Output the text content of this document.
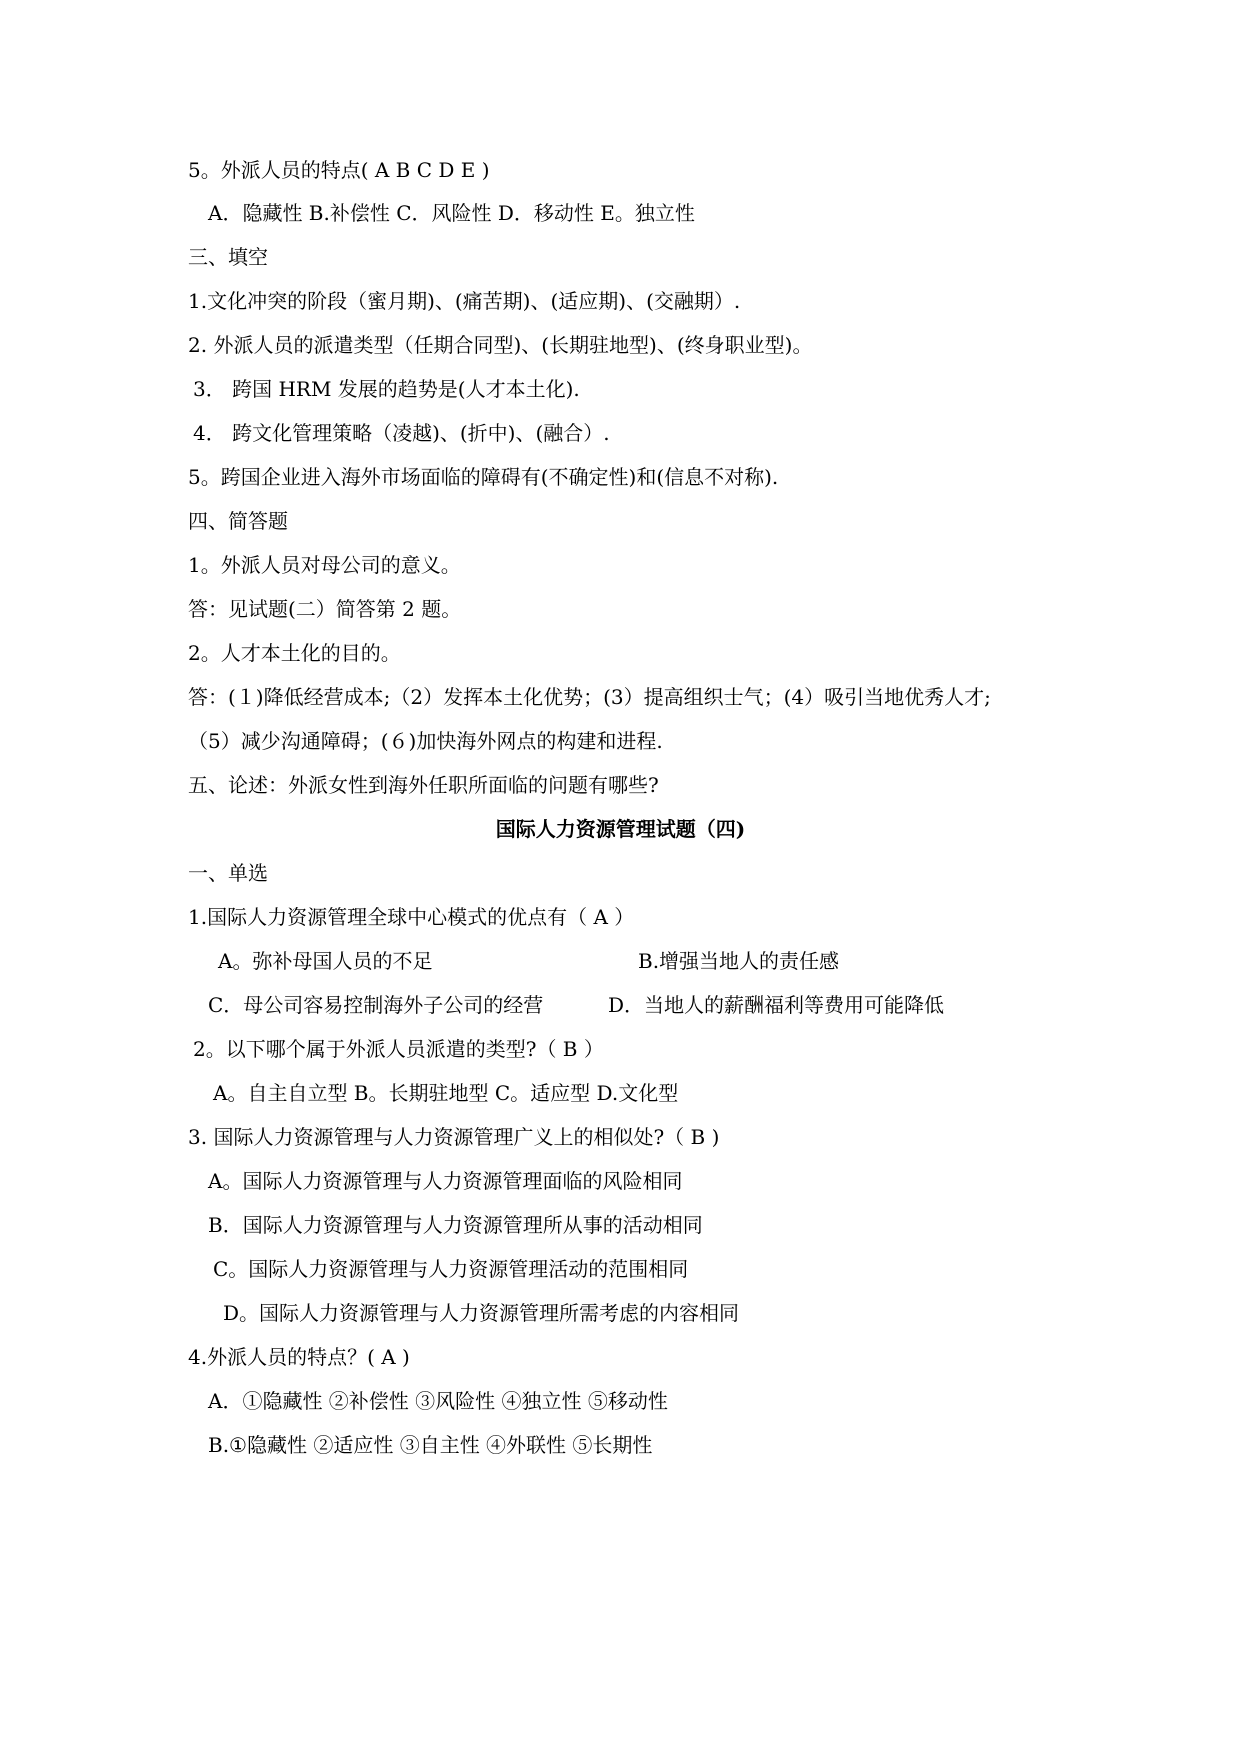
5。外派人员的特点( A B C D E )
A．隐藏性 B.补偿性 C．风险性 D．移动性 E。独立性
三、填空
1.文化冲突的阶段（蜜月期)、(痛苦期)、(适应期)、(交融期）.
2. 外派人员的派遣类型（任期合同型)、(长期驻地型)、(终身职业型)。
3． 跨国 HRM 发展的趋势是(人才本土化).
4． 跨文化管理策略（凌越)、(折中)、(融合）.
5。跨国企业进入海外市场面临的障碍有(不确定性)和(信息不对称).
四、简答题
1。外派人员对母公司的意义。
答：见试题(二）简答第 2 题。
2。人才本土化的目的。
答：(１)降低经营成本;（2）发挥本土化优势；(3）提高组织士气；(4）吸引当地优秀人才;
（5）减少沟通障碍；(６)加快海外网点的构建和进程.
五、论述：外派女性到海外任职所面临的问题有哪些?
国际人力资源管理试题（四)
一、单选
1.国际人力资源管理全球中心模式的优点有（ A ）
A。弥补母国人员的不足	B.增强当地人的责任感
C．母公司容易控制海外子公司的经营	D．当地人的薪酬福利等费用可能降低
2。以下哪个属于外派人员派遣的类型?（ B ）
A。自主自立型 B。长期驻地型 C。适应型 D.文化型
3. 国际人力资源管理与人力资源管理广义上的相似处?（ B )
A。国际人力资源管理与人力资源管理面临的风险相同
B．国际人力资源管理与人力资源管理所从事的活动相同
C。国际人力资源管理与人力资源管理活动的范围相同
D。国际人力资源管理与人力资源管理所需考虑的内容相同
4.外派人员的特点？( A )
A．①隐藏性 ②补偿性 ③风险性 ④独立性 ⑤移动性
B.①隐藏性 ②适应性 ③自主性 ④外联性 ⑤长期性
